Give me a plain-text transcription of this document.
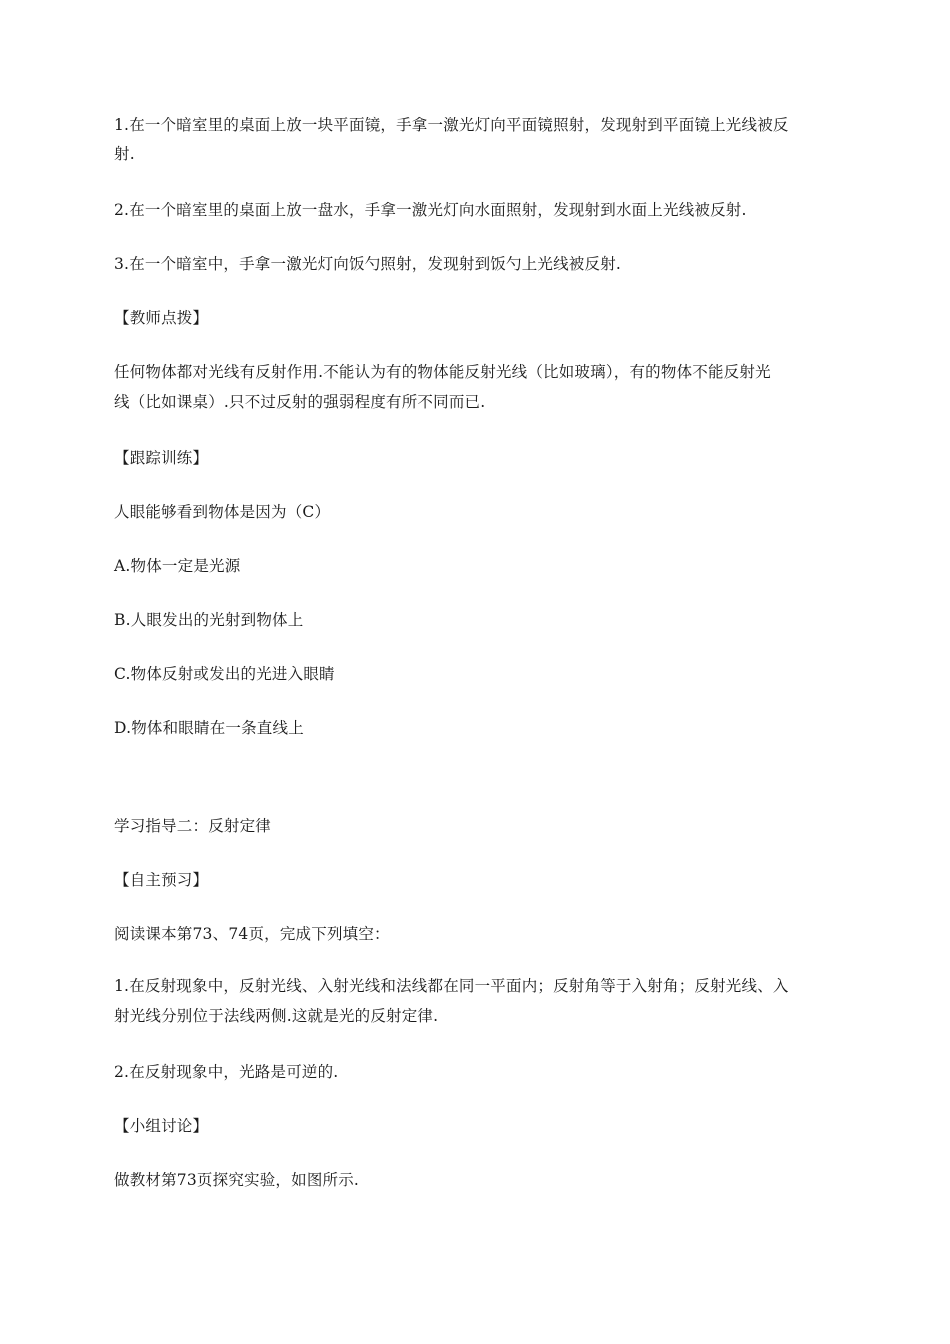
1.在一个暗室里的桌面上放一块平面镜，手拿一激光灯向平面镜照射，发现射到平面镜上光线被反
射.
2.在一个暗室里的桌面上放一盘水，手拿一激光灯向水面照射，发现射到水面上光线被反射.
3.在一个暗室中，手拿一激光灯向饭勺照射，发现射到饭勺上光线被反射.
【教师点拨】
任何物体都对光线有反射作用.不能认为有的物体能反射光线（比如玻璃），有的物体不能反射光
线（比如课桌）.只不过反射的强弱程度有所不同而已.
【跟踪训练】
人眼能够看到物体是因为（C）
A.物体一定是光源
B.人眼发出的光射到物体上
C.物体反射或发出的光进入眼睛
D.物体和眼睛在一条直线上
学习指导二：反射定律
【自主预习】
阅读课本第73、74页，完成下列填空：
1.在反射现象中，反射光线、入射光线和法线都在同一平面内；反射角等于入射角；反射光线、入
射光线分别位于法线两侧.这就是光的反射定律.
2.在反射现象中，光路是可逆的.
【小组讨论】
做教材第73页探究实验，如图所示.
